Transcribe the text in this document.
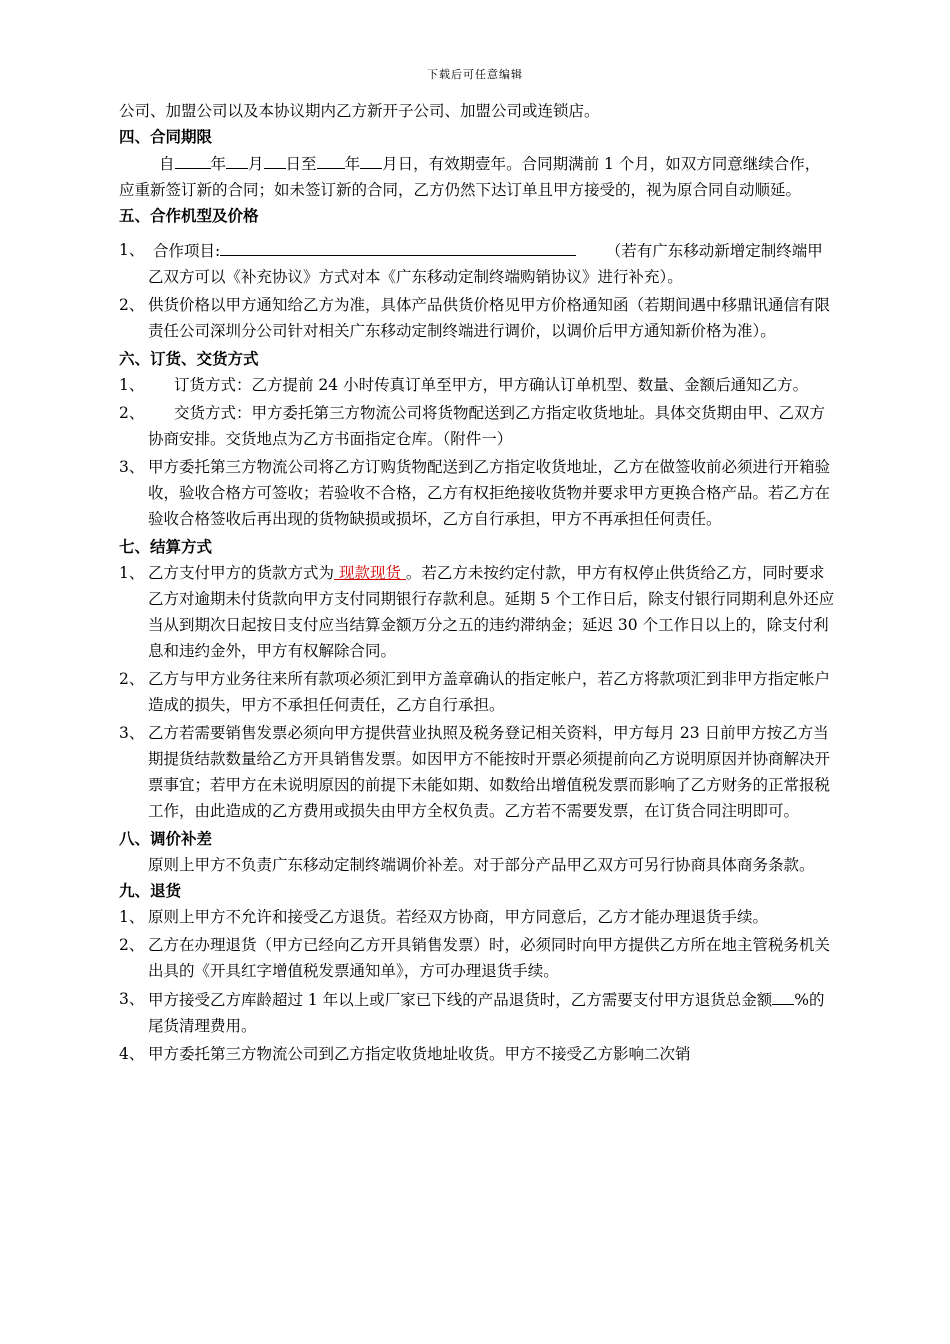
下载后可任意编辑

公司、加盟公司以及本协议期内乙方新开子公司、加盟公司或连锁店。

四、合同期限

自 年 月 日至 年 月日，有效期壹年。合同期满前 1 个月，如双方同意继续合作，应重新签订新的合同；如未签订新的合同，乙方仍然下达订单且甲方接受的，视为原合同自动顺延。

五、合作机型及价格

1、 合作项目:	（若有广东移动新增定制终端甲乙双方可以《补充协议》方式对本《广东移动定制终端购销协议》进行补充）。
2、 供货价格以甲方通知给乙方为准，具体产品供货价格见甲方价格通知函（若期间遇中移鼎讯通信有限责任公司深圳分公司针对相关广东移动定制终端进行调价，以调价后甲方通知新价格为准）。

六、订货、交货方式

1、	订货方式：乙方提前 24 小时传真订单至甲方，甲方确认订单机型、数量、金额后通知乙方。
2、	交货方式：甲方委托第三方物流公司将货物配送到乙方指定收货地址。具体交货期由甲、乙双方协商安排。交货地点为乙方书面指定仓库。（附件一）
3、 甲方委托第三方物流公司将乙方订购货物配送到乙方指定收货地址，乙方在做签收前必须进行开箱验收，验收合格方可签收；若验收不合格，乙方有权拒绝接收货物并要求甲方更换合格产品。若乙方在验收合格签收后再出现的货物缺损或损坏，乙方自行承担，甲方不再承担任何责任。

七、结算方式

1、 乙方支付甲方的货款方式为 现款现货 。若乙方未按约定付款，甲方有权停止供货给乙方，同时要求乙方对逾期未付货款向甲方支付同期银行存款利息。延期 5 个工作日后，除支付银行同期利息外还应当从到期次日起按日支付应当结算金额万分之五的违约滞纳金；延迟 30 个工作日以上的，除支付利息和违约金外，甲方有权解除合同。
2、 乙方与甲方业务往来所有款项必须汇到甲方盖章确认的指定帐户，若乙方将款项汇到非甲方指定帐户造成的损失，甲方不承担任何责任，乙方自行承担。
3、 乙方若需要销售发票必须向甲方提供营业执照及税务登记相关资料，甲方每月 23 日前甲方按乙方当期提货结款数量给乙方开具销售发票。如因甲方不能按时开票必须提前向乙方说明原因并协商解决开票事宜；若甲方在未说明原因的前提下未能如期、如数给出增值税发票而影响了乙方财务的正常报税工作，由此造成的乙方费用或损失由甲方全权负责。乙方若不需要发票，在订货合同注明即可。

八、调价补差

原则上甲方不负责广东移动定制终端调价补差。对于部分产品甲乙双方可另行协商具体商务条款。

九、退货

1、 原则上甲方不允许和接受乙方退货。若经双方协商，甲方同意后，乙方才能办理退货手续。
2、 乙方在办理退货（甲方已经向乙方开具销售发票）时，必须同时向甲方提供乙方所在地主管税务机关出具的《开具红字增值税发票通知单》，方可办理退货手续。
3、 甲方接受乙方库龄超过 1 年以上或厂家已下线的产品退货时，乙方需要支付甲方退货总金额 %的尾货清理费用。
4、 甲方委托第三方物流公司到乙方指定收货地址收货。甲方不接受乙方影响二次销
